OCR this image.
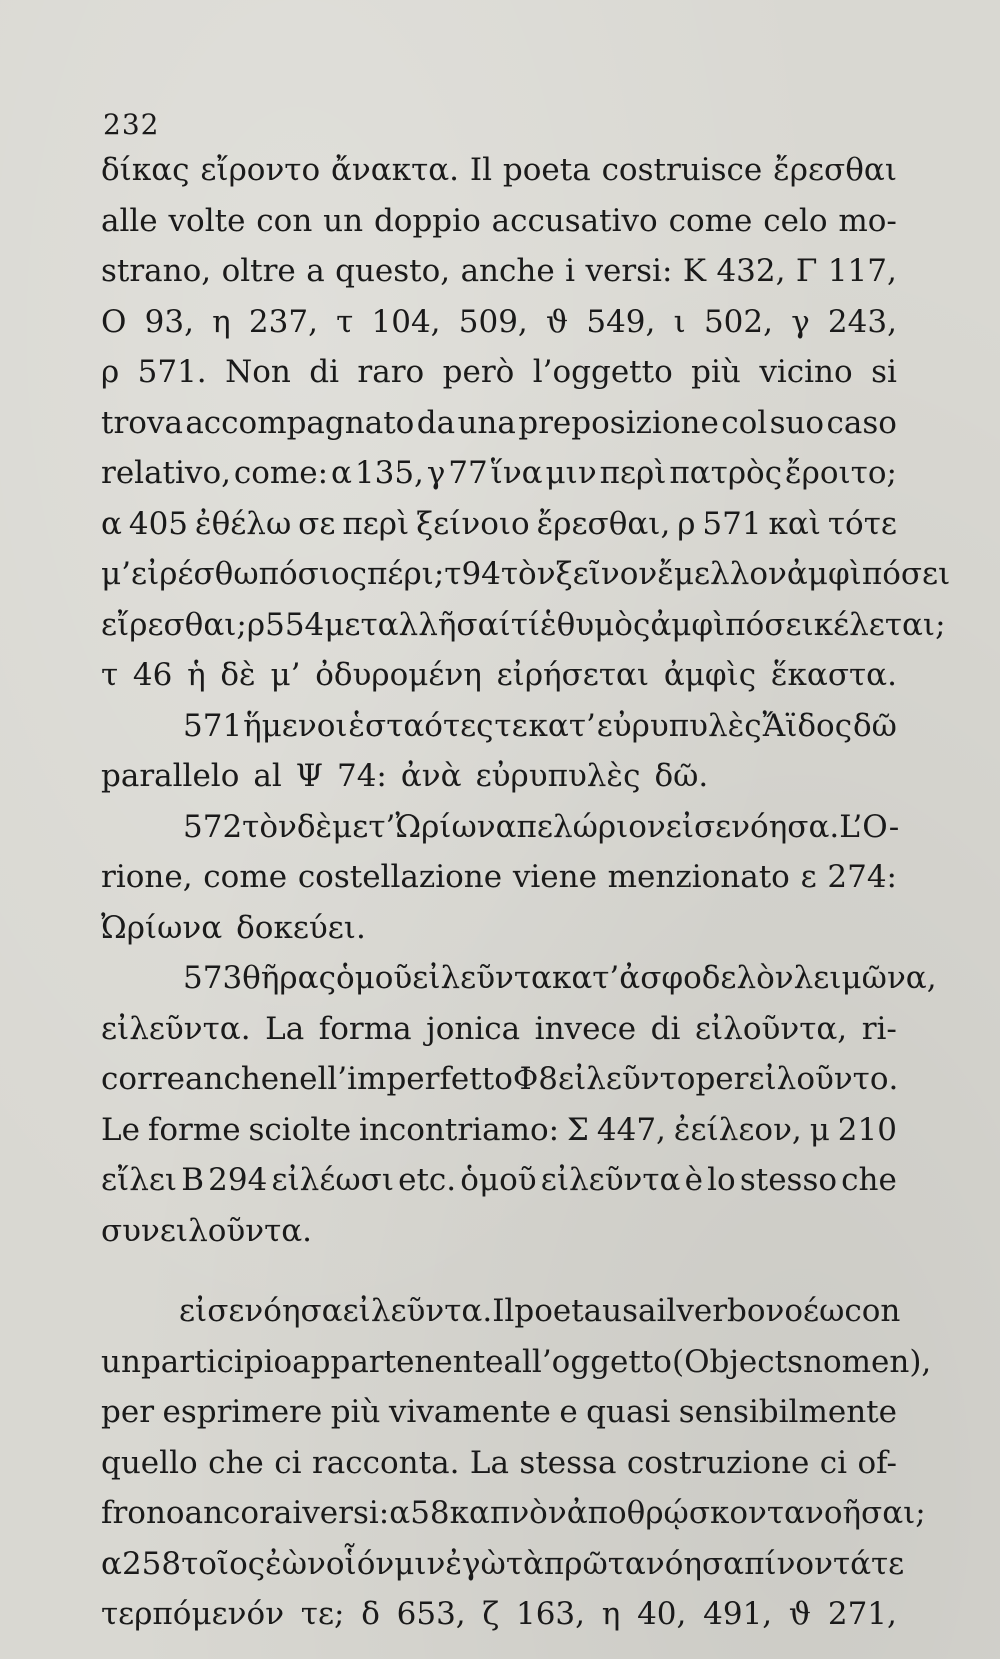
232
δίκας εἴροντο ἄνακτα. Il poeta costruisce ἔρεσθαι
alle volte con un doppio accusativo come celo mo-
strano, oltre a questo, anche i versi: K 432, Γ 117,
O 93, η 237, τ 104, 509, ϑ 549, ι 502, γ 243,
ρ 571. Non di raro però l’oggetto più vicino si
trova accompagnato da una preposizione col suo caso
relativo, come: α 135, γ 77 ἵνα μιν περὶ πατρὸς ἔροιτο;
α 405 ἐθέλω σε περὶ ξείνοιο ἔρεσθαι, ρ 571 καὶ τότε
μ’ εἰρέσθω πόσιος πέρι; τ 94 τὸν ξεῖνον ἔμελλον ἀμφὶ πόσει
εἴρεσθαι; ρ 554 μεταλλῆσαί τί ἑ θυμὸς ἀμφὶ πόσει κέλεται;
τ 46 ἡ δὲ μ’ ὀδυρομένη εἰρήσεται ἀμφὶς ἕκαστα.
571 ἥμενοι ἑσταότες τε κατ’ εὐρυπυλὲς Ἄϊδος δῶ
parallelo al Ψ 74: ἀνὰ εὐρυπυλὲς δῶ.
572 τὸν δὲ μετ’ Ὠρίωνα πελώριον εἰσενόησα. L’O-
rione, come costellazione viene menzionato ε 274:
Ὠρίωνα δοκεύει.
573 θῆρας ὁμοῦ εἰλεῦντα κατ’ ἀσφοδελὸν λειμῶνα,
εἰλεῦντα. La forma jonica invece di εἰλοῦντα, ri-
corre anche nell’imperfetto Φ 8 εἰλεῦντο per εἰλοῦντο.
Le forme sciolte incontriamo: Σ 447, ἐείλεον, μ 210
εἴλει B 294 εἰλέωσι etc. ὁμοῦ εἰλεῦντα è lo stesso che
συνειλοῦντα.
εἰσενόησα εἰλεῦντα. Il poeta usa il verbo νοέω con
un participio appartenente all’oggetto (Objectsnomen),
per esprimere più vivamente e quasi sensibilmente
quello che ci racconta. La stessa costruzione ci of-
frono ancora i versi: α 58 καπνὸν ἀποθρῴσκοντα νοῆσαι;
α 258 τοῖος ἐὼν οἷόν μιν ἐγὼ τὰ πρῶτα νόησα πίνοντά τε
τερπόμενόν τε; δ 653, ζ 163, η 40, 491, ϑ 271,
